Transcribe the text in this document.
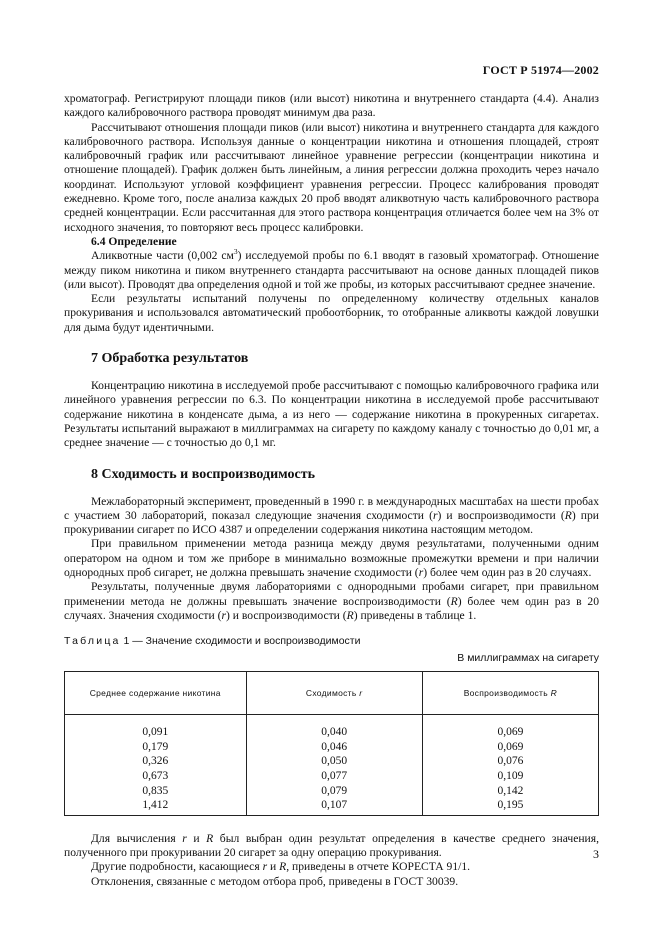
ГОСТ Р 51974—2002

хроматограф. Регистрируют площади пиков (или высот) никотина и внутреннего стандарта (4.4). Анализ каждого калибровочного раствора проводят минимум два раза.

Рассчитывают отношения площади пиков (или высот) никотина и внутреннего стандарта для каждого калибровочного раствора. Используя данные о концентрации никотина и отношения площадей, строят калибровочный график или рассчитывают линейное уравнение регрессии (концентрации никотина и отношение площадей). График должен быть линейным, а линия регрессии должна проходить через начало координат. Используют угловой коэффициент уравнения регрессии. Процесс калибрования проводят ежедневно. Кроме того, после анализа каждых 20 проб вводят аликвотную часть калибровочного раствора средней концентрации. Если рассчитанная для этого раствора концентрация отличается более чем на 3% от исходного значения, то повторяют весь процесс калибровки.

6.4 Определение

Аликвотные части (0,002 $см^3$) исследуемой пробы по 6.1 вводят в газовый хроматограф. Отношение между пиком никотина и пиком внутреннего стандарта рассчитывают на основе данных площадей пиков (или высот). Проводят два определения одной и той же пробы, из которых рассчитывают среднее значение.

Если результаты испытаний получены по определенному количеству отдельных каналов прокуривания и использовался автоматический пробоотборник, то отобранные аликвоты каждой ловушки для дыма будут идентичными.

7 Обработка результатов

Концентрацию никотина в исследуемой пробе рассчитывают с помощью калибровочного графика или линейного уравнения регрессии по 6.3. По концентрации никотина в исследуемой пробе рассчитывают содержание никотина в конденсате дыма, а из него — содержание никотина в прокуренных сигаретах. Результаты испытаний выражают в миллиграммах на сигарету по каждому каналу с точностью до 0,01 мг, а среднее значение — с точностью до 0,1 мг.

8 Сходимость и воспроизводимость

Межлабораторный эксперимент, проведенный в 1990 г. в международных масштабах на шести пробах с участием 30 лабораторий, показал следующие значения сходимости (r) и воспроизводимости (R) при прокуривании сигарет по ИСО 4387 и определении содержания никотина настоящим методом.

При правильном применении метода разница между двумя результатами, полученными одним оператором на одном и том же приборе в минимально возможные промежутки времени и при наличии однородных проб сигарет, не должна превышать значение сходимости (r) более чем один раз в 20 случаях.

Результаты, полученные двумя лабораториями с однородными пробами сигарет, при правильном применении метода не должны превышать значение воспроизводимости (R) более чем один раз в 20 случаях. Значения сходимости (r) и воспроизводимости (R) приведены в таблице 1.

Таблица 1 — Значение сходимости и воспроизводимости
В миллиграммах на сигарету
Среднее содержание никотина	Сходимость r	Воспроизводимость R
0,091	0,040	0,069
0,179	0,046	0,069
0,326	0,050	0,076
0,673	0,077	0,109
0,835	0,079	0,142
1,412	0,107	0,195

Для вычисления r и R был выбран один результат определения в качестве среднего значения, полученного при прокуривании 20 сигарет за одну операцию прокуривания.

Другие подробности, касающиеся r и R, приведены в отчете КОРЕСТА 91/1.

Отклонения, связанные с методом отбора проб, приведены в ГОСТ 30039.

3
